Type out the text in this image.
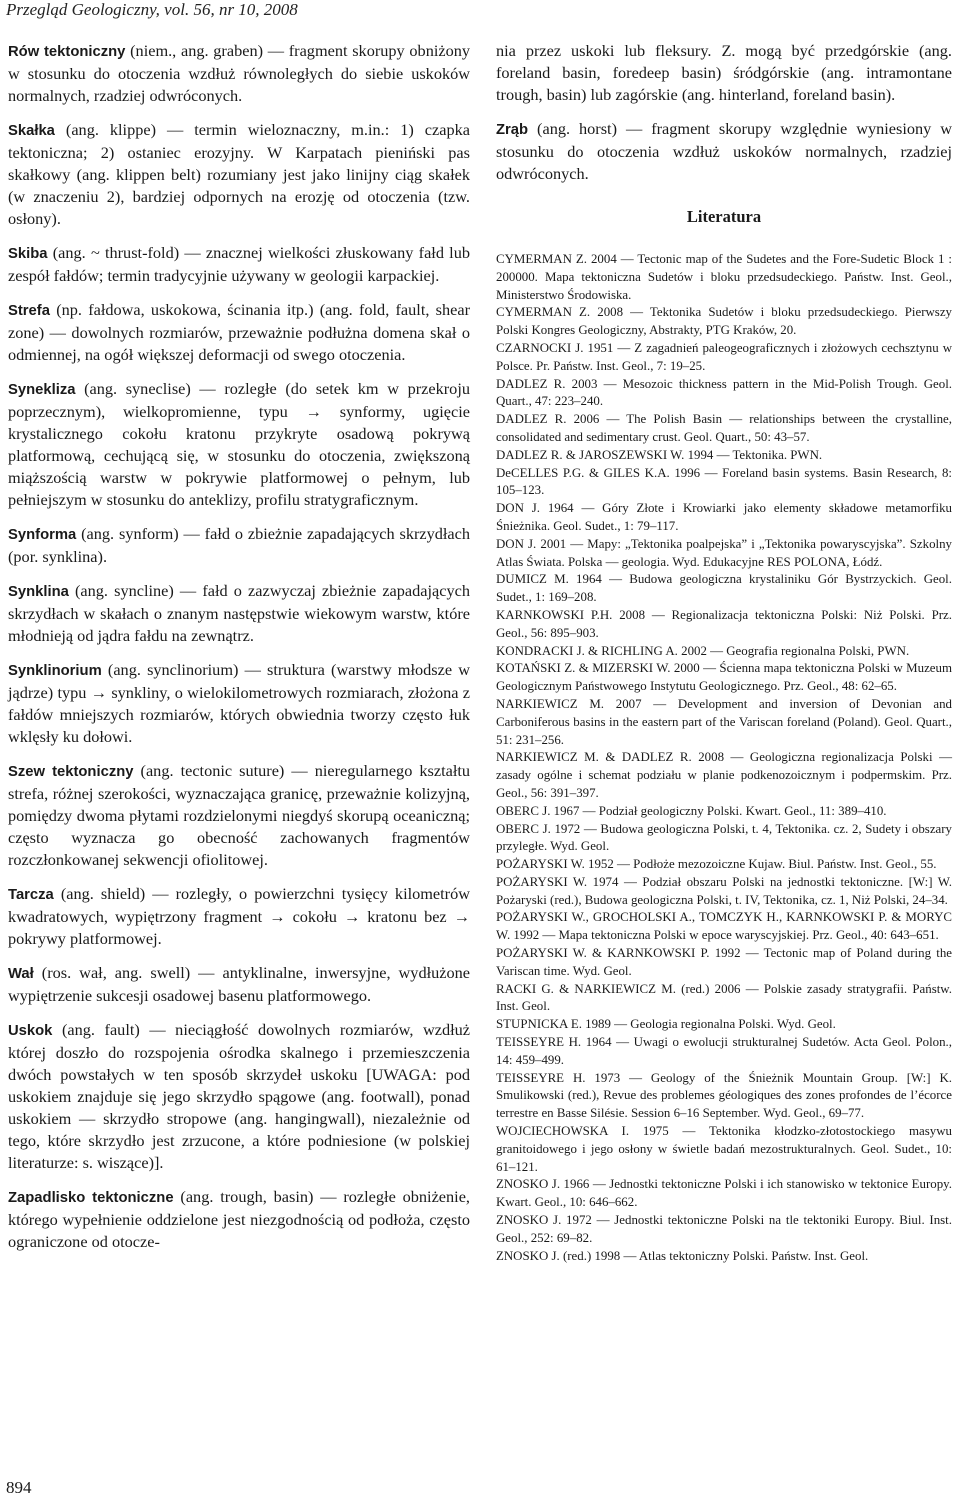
Przegląd Geologiczny, vol. 56, nr 10, 2008
Rów tektoniczny (niem., ang. graben) — fragment skorupy obniżony w stosunku do otoczenia wzdłuż równoległych do siebie uskoków normalnych, rzadziej odwróconych.
Skałka (ang. klippe) — termin wieloznaczny, m.in.: 1) czapka tektoniczna; 2) ostaniec erozyjny. W Karpatach pieniński pas skałkowy (ang. klippen belt) rozumiany jest jako linijny ciąg skałek (w znaczeniu 2), bardziej odpornych na erozję od otoczenia (tzw. osłony).
Skiba (ang. ~ thrust-fold) — znacznej wielkości złuskowany fałd lub zespół fałdów; termin tradycyjnie używany w geologii karpackiej.
Strefa (np. fałdowa, uskokowa, ścinania itp.) (ang. fold, fault, shear zone) — dowolnych rozmiarów, przeważnie podłużna domena skał o odmiennej, na ogół większej deformacji od swego otoczenia.
Synekliza (ang. syneclise) — rozległe (do setek km w przekroju poprzecznym), wielkopromienne, typu → synformy, ugięcie krystalicznego cokołu kratonu przykryte osadową pokrywą platformową, cechującą się, w stosunku do otoczenia, zwiększoną miąższością warstw w pokrywie platformowej o pełnym, lub pełniejszym w stosunku do anteklizy, profilu stratygraficznym.
Synforma (ang. synform) — fałd o zbieżnie zapadających skrzydłach (por. synklina).
Synklina (ang. syncline) — fałd o zazwyczaj zbieżnie zapadających skrzydłach w skałach o znanym następstwie wiekowym warstw, które młodnieją od jądra fałdu na zewnątrz.
Synklinorium (ang. synclinorium) — struktura (warstwy młodsze w jądrze) typu → synkliny, o wielokilometrowych rozmiarach, złożona z fałdów mniejszych rozmiarów, których obwiednia tworzy często łuk wklęsły ku dołowi.
Szew tektoniczny (ang. tectonic suture) — nieregularnego kształtu strefa, różnej szerokości, wyznaczająca granicę, przeważnie kolizyjną, pomiędzy dwoma płytami rozdzielonymi niegdyś skorupą oceaniczną; często wyznacza go obecność zachowanych fragmentów rozczłonkowanej sekwencji ofiolitowej.
Tarcza (ang. shield) — rozległy, o powierzchni tysięcy kilometrów kwadratowych, wypiętrzony fragment → cokołu → kratonu bez → pokrywy platformowej.
Wał (ros. wał, ang. swell) — antyklinalne, inwersyjne, wydłużone wypiętrzenie sukcesji osadowej basenu platformowego.
Uskok (ang. fault) — nieciągłość dowolnych rozmiarów, wzdłuż której doszło do rozspojenia ośrodka skalnego i przemieszczenia dwóch powstałych w ten sposób skrzydeł uskoku [UWAGA: pod uskokiem znajduje się jego skrzydło spągowe (ang. footwall), ponad uskokiem — skrzydło stropowe (ang. hangingwall), niezależnie od tego, które skrzydło jest zrzucone, a które podniesione (w polskiej literaturze: s. wiszące)].
Zapadlisko tektoniczne (ang. trough, basin) — rozległe obniżenie, którego wypełnienie oddzielone jest niezgodnością od podłoża, często ograniczone od otocze-

nia przez uskoki lub fleksury. Z. mogą być przedgórskie (ang. foreland basin, foredeep basin) śródgórskie (ang. intramontane trough, basin) lub zagórskie (ang. hinterland, foreland basin).

Zrąb (ang. horst) — fragment skorupy względnie wyniesiony w stosunku do otoczenia wzdłuż uskoków normalnych, rzadziej odwróconych.

Literatura

CYMERMAN Z. 2004 — Tectonic map of the Sudetes and the Fore-Sudetic Block 1 : 200000. Mapa tektoniczna Sudetów i bloku przedsudeckiego. Państw. Inst. Geol., Ministerstwo Środowiska.

CYMERMAN Z. 2008 — Tektonika Sudetów i bloku przedsudeckiego. Pierwszy Polski Kongres Geologiczny, Abstrakty, PTG Kraków, 20.

CZARNOCKI J. 1951 — Z zagadnień paleogeograficznych i złożowych cechsztynu w Polsce. Pr. Państw. Inst. Geol., 7: 19–25.

DADLEZ R. 2003 — Mesozoic thickness pattern in the Mid-Polish Trough. Geol. Quart., 47: 223–240.

DADLEZ R. 2006 — The Polish Basin — relationships between the crystalline, consolidated and sedimentary crust. Geol. Quart., 50: 43–57.

DADLEZ R. & JAROSZEWSKI W. 1994 — Tektonika. PWN.

DeCELLES P.G. & GILES K.A. 1996 — Foreland basin systems. Basin Research, 8: 105–123.

DON J. 1964 — Góry Złote i Krowiarki jako elementy składowe metamorfiku Śnieżnika. Geol. Sudet., 1: 79–117.

DON J. 2001 — Mapy: „Tektonika poalpejska” i „Tektonika powaryscyjska”. Szkolny Atlas Świata. Polska — geologia. Wyd. Edukacyjne RES POLONA, Łódź.

DUMICZ M. 1964 — Budowa geologiczna krystaliniku Gór Bystrzyckich. Geol. Sudet., 1: 169–208.

KARNKOWSKI P.H. 2008 — Regionalizacja tektoniczna Polski: Niż Polski. Prz. Geol., 56: 895–903.

KONDRACKI J. & RICHLING A. 2002 — Geografia regionalna Polski, PWN.

KOTAŃSKI Z. & MIZERSKI W. 2000 — Ścienna mapa tektoniczna Polski w Muzeum Geologicznym Państwowego Instytutu Geologicznego. Prz. Geol., 48: 62–65.

NARKIEWICZ M. 2007 — Development and inversion of Devonian and Carboniferous basins in the eastern part of the Variscan foreland (Poland). Geol. Quart., 51: 231–256.

NARKIEWICZ M. & DADLEZ R. 2008 — Geologiczna regionalizacja Polski — zasady ogólne i schemat podziału w planie podkenozoicznym i podpermskim. Prz. Geol., 56: 391–397.

OBERC J. 1967 — Podział geologiczny Polski. Kwart. Geol., 11: 389–410.

OBERC J. 1972 — Budowa geologiczna Polski, t. 4, Tektonika. cz. 2, Sudety i obszary przyległe. Wyd. Geol.

POŻARYSKI W. 1952 — Podłoże mezozoiczne Kujaw. Biul. Państw. Inst. Geol., 55.

POŻARYSKI W. 1974 — Podział obszaru Polski na jednostki tektoniczne. [W:] W. Pożaryski (red.), Budowa geologiczna Polski, t. IV, Tektonika, cz. 1, Niż Polski, 24–34.

POŻARYSKI W., GROCHOLSKI A., TOMCZYK H., KARNKOWSKI P. & MORYC W. 1992 — Mapa tektoniczna Polski w epoce waryscyjskiej. Prz. Geol., 40: 643–651.

POŻARYSKI W. & KARNKOWSKI P. 1992 — Tectonic map of Poland during the Variscan time. Wyd. Geol.

RACKI G. & NARKIEWICZ M. (red.) 2006 — Polskie zasady stratygrafii. Państw. Inst. Geol.

STUPNICKA E. 1989 — Geologia regionalna Polski. Wyd. Geol.

TEISSEYRE H. 1964 — Uwagi o ewolucji strukturalnej Sudetów. Acta Geol. Polon., 14: 459–499.

TEISSEYRE H. 1973 — Geology of the Śnieżnik Mountain Group. [W:] K. Smulikowski (red.), Revue des problemes géologiques des zones profondes de l’écorce terrestre en Basse Silésie. Session 6–16 September. Wyd. Geol., 69–77.

WOJCIECHOWSKA I. 1975 — Tektonika kłodzko-złotostockiego masywu granitoidowego i jego osłony w świetle badań mezostrukturalnych. Geol. Sudet., 10: 61–121.

ZNOSKO J. 1966 — Jednostki tektoniczne Polski i ich stanowisko w tektonice Europy. Kwart. Geol., 10: 646–662.

ZNOSKO J. 1972 — Jednostki tektoniczne Polski na tle tektoniki Europy. Biul. Inst. Geol., 252: 69–82.

ZNOSKO J. (red.) 1998 — Atlas tektoniczny Polski. Państw. Inst. Geol.

894
